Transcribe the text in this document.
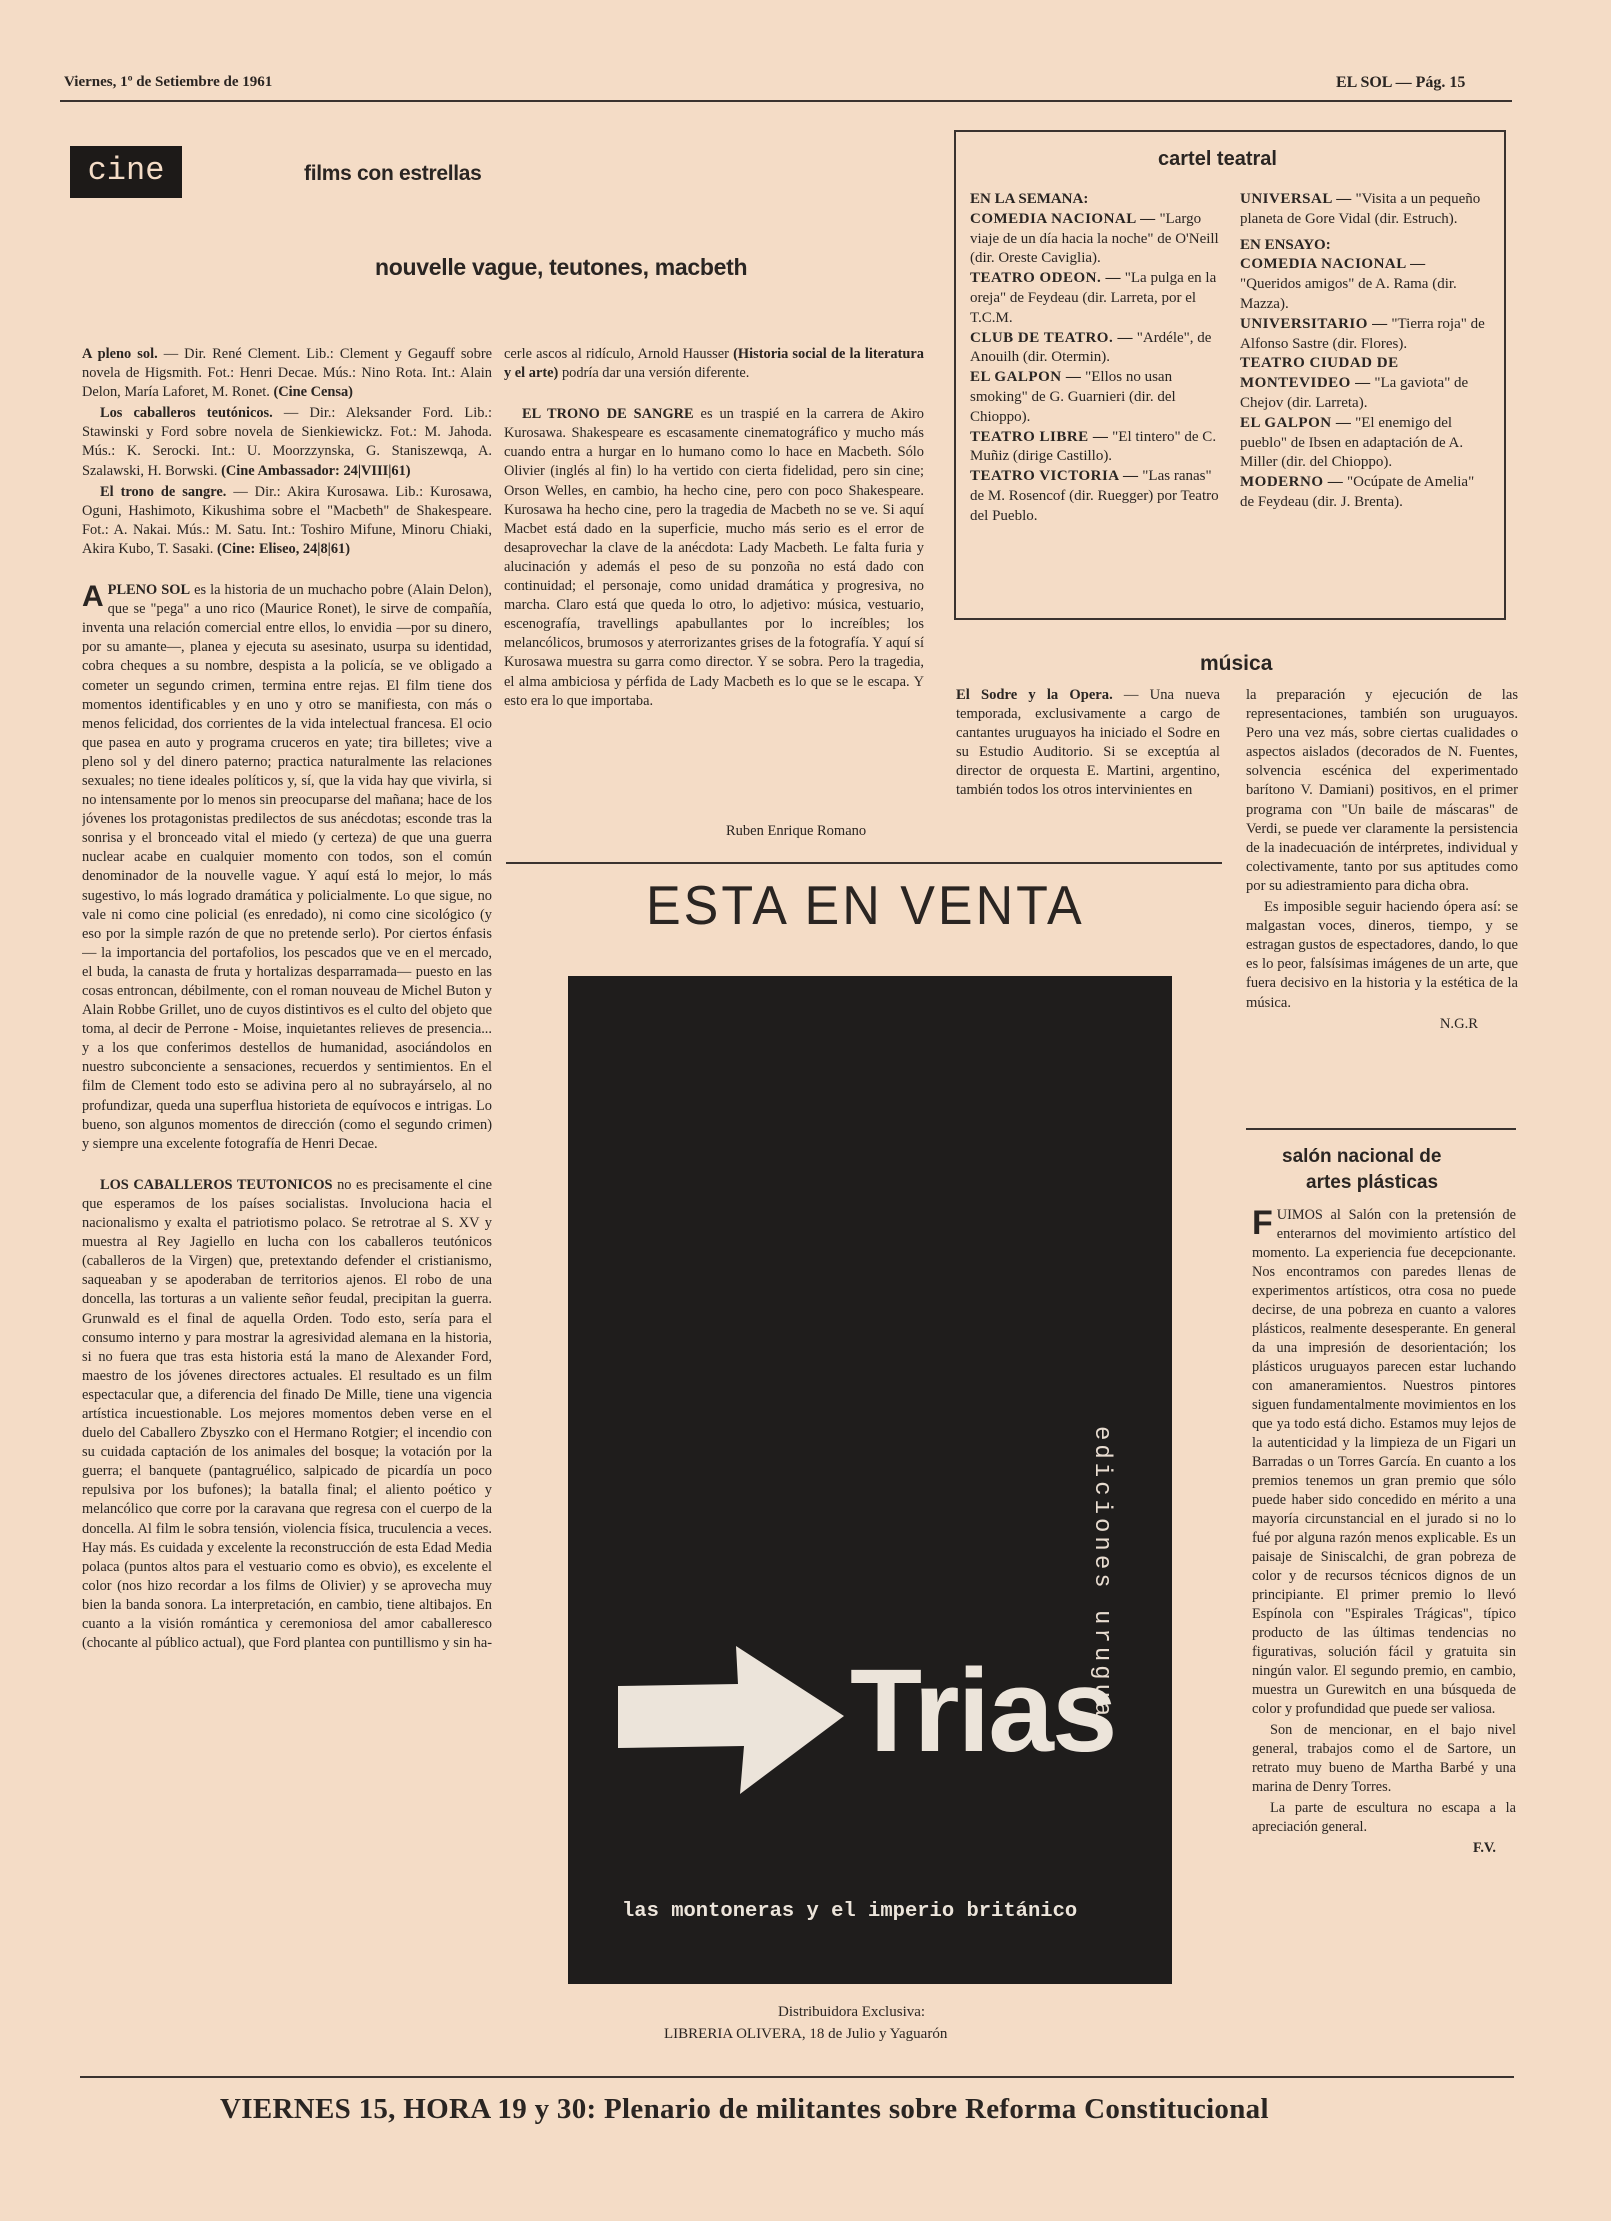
Viernes, 1º de Setiembre de 1961	EL SOL — Pág. 15
cine	films con estrellas
nouvelle vague, teutones, macbeth

A pleno sol. — Dir. René Clement. Lib.: Clement y Gegauff sobre novela de Higsmith. Fot.: Henri Decae. Mús.: Nino Rota. Int.: Alain Delon, María Laforet, M. Ronet. (Cine Censa)

Los caballeros teutónicos. — Dir.: Aleksander Ford. Lib.: Stawinski y Ford sobre novela de Sienkiewickz. Fot.: M. Jahoda. Mús.: K. Serocki. Int.: U. Moorzzynska, G. Staniszewqa, A. Szalawski, H. Borwski. (Cine Ambassador: 24|VIII|61)

El trono de sangre. — Dir.: Akira Kurosawa. Lib.: Kurosawa, Oguni, Hashimoto, Kikushima sobre el "Macbeth" de Shakespeare. Fot.: A. Nakai. Mús.: M. Satu. Int.: Toshiro Mifune, Minoru Chiaki, Akira Kubo, T. Sasaki. (Cine: Eliseo, 24|8|61)

APLENO SOL es la historia de un muchacho pobre (Alain Delon), que se "pega" a uno rico (Maurice Ronet), le sirve de compañía, inventa una relación comercial entre ellos, lo envidia —por su dinero, por su amante—, planea y ejecuta su asesinato, usurpa su identidad, cobra cheques a su nombre, despista a la policía, se ve obligado a cometer un segundo crimen, termina entre rejas. El film tiene dos momentos identificables y en uno y otro se manifiesta, con más o menos felicidad, dos corrientes de la vida intelectual francesa. El ocio que pasea en auto y programa cruceros en yate; tira billetes; vive a pleno sol y del dinero paterno; practica naturalmente las relaciones sexuales; no tiene ideales políticos y, sí, que la vida hay que vivirla, si no intensamente por lo menos sin preocuparse del mañana; hace de los jóvenes los protagonistas predilectos de sus anécdotas; esconde tras la sonrisa y el bronceado vital el miedo (y certeza) de que una guerra nuclear acabe en cualquier momento con todos, son el común denominador de la nouvelle vague. Y aquí está lo mejor, lo más sugestivo, lo más logrado dramática y policialmente. Lo que sigue, no vale ni como cine policial (es enredado), ni como cine sicológico (y eso por la simple razón de que no pretende serlo). Por ciertos énfasis — la importancia del portafolios, los pescados que ve en el mercado, el buda, la canasta de fruta y hortalizas desparramada— puesto en las cosas entroncan, débilmente, con el roman nouveau de Michel Buton y Alain Robbe Grillet, uno de cuyos distintivos es el culto del objeto que toma, al decir de Perrone - Moise, inquietantes relieves de presencia... y a los que conferimos destellos de humanidad, asociándolos en nuestro subconciente a sensaciones, recuerdos y sentimientos. En el film de Clement todo esto se adivina pero al no subrayárselo, al no profundizar, queda una superflua historieta de equívocos e intrigas. Lo bueno, son algunos momentos de dirección (como el segundo crimen) y siempre una excelente fotografía de Henri Decae.

LOS CABALLEROS TEUTONICOS no es precisamente el cine que esperamos de los países socialistas. Involuciona hacia el nacionalismo y exalta el patriotismo polaco. Se retrotrae al S. XV y muestra al Rey Jagiello en lucha con los caballeros teutónicos (caballeros de la Virgen) que, pretextando defender el cristianismo, saqueaban y se apoderaban de territorios ajenos. El robo de una doncella, las torturas a un valiente señor feudal, precipitan la guerra. Grunwald es el final de aquella Orden. Todo esto, sería para el consumo interno y para mostrar la agresividad alemana en la historia, si no fuera que tras esta historia está la mano de Alexander Ford, maestro de los jóvenes directores actuales. El resultado es un film espectacular que, a diferencia del finado De Mille, tiene una vigencia artística incuestionable. Los mejores momentos deben verse en el duelo del Caballero Zbyszko con el Hermano Rotgier; el incendio con su cuidada captación de los animales del bosque; la votación por la guerra; el banquete (pantagruélico, salpicado de picardía un poco repulsiva por los bufones); la batalla final; el aliento poético y melancólico que corre por la caravana que regresa con el cuerpo de la doncella. Al film le sobra tensión, violencia física, truculencia a veces. Hay más. Es cuidada y excelente la reconstrucción de esta Edad Media polaca (puntos altos para el vestuario como es obvio), es excelente el color (nos hizo recordar a los films de Olivier) y se aprovecha muy bien la banda sonora. La interpretación, en cambio, tiene altibajos. En cuanto a la visión romántica y ceremoniosa del amor caballeresco (chocante al público actual), que Ford plantea con puntillismo y sin ha-

cerle ascos al ridículo, Arnold Hausser (Historia social de la literatura y el arte) podría dar una versión diferente.

EL TRONO DE SANGRE es un traspié en la carrera de Akiro Kurosawa. Shakespeare es escasamente cinematográfico y mucho más cuando entra a hurgar en lo humano como lo hace en Macbeth. Sólo Olivier (inglés al fin) lo ha vertido con cierta fidelidad, pero sin cine; Orson Welles, en cambio, ha hecho cine, pero con poco Shakespeare. Kurosawa ha hecho cine, pero la tragedia de Macbeth no se ve. Si aquí Macbet está dado en la superficie, mucho más serio es el error de desaprovechar la clave de la anécdota: Lady Macbeth. Le falta furia y alucinación y además el peso de su ponzoña no está dado con continuidad; el personaje, como unidad dramática y progresiva, no marcha. Claro está que queda lo otro, lo adjetivo: música, vestuario, escenografía, travellings apabullantes por lo increíbles; los melancólicos, brumosos y aterrorizantes grises de la fotografía. Y aquí sí Kurosawa muestra su garra como director. Y se sobra. Pero la tragedia, el alma ambiciosa y pérfida de Lady Macbeth es lo que se le escapa. Y esto era lo que importaba.

Ruben Enrique Romano
cartel teatral
EN LA SEMANA:
COMEDIA NACIONAL — "Largo viaje de un día hacia la noche" de O'Neill (dir. Oreste Caviglia).
TEATRO ODEON. — "La pulga en la oreja" de Feydeau (dir. Larreta, por el T.C.M.
CLUB DE TEATRO. — "Ardéle", de Anouilh (dir. Otermin).
EL GALPON — "Ellos no usan smoking" de G. Guarnieri (dir. del Chioppo).
TEATRO LIBRE — "El tintero" de C. Muñiz (dirige Castillo).
TEATRO VICTORIA — "Las ranas" de M. Rosencof (dir. Ruegger) por Teatro del Pueblo.
UNIVERSAL — "Visita a un pequeño planeta de Gore Vidal (dir. Estruch).
EN ENSAYO:
COMEDIA NACIONAL — "Queridos amigos" de A. Rama (dir. Mazza).
UNIVERSITARIO — "Tierra roja" de Alfonso Sastre (dir. Flores).
TEATRO CIUDAD DE MONTEVIDEO — "La gaviota" de Chejov (dir. Larreta).
EL GALPON — "El enemigo del pueblo" de Ibsen en adaptación de A. Miller (dir. del Chioppo).
MODERNO — "Ocúpate de Amelia" de Feydeau (dir. J. Brenta).
música

El Sodre y la Opera. — Una nueva temporada, exclusivamente a cargo de cantantes uruguayos ha iniciado el Sodre en su Estudio Auditorio. Si se exceptúa al director de orquesta E. Martini, argentino, también todos los otros intervinientes en

la preparación y ejecución de las representaciones, también son uruguayos. Pero una vez más, sobre ciertas cualidades o aspectos aislados (decorados de N. Fuentes, solvencia escénica del experimentado barítono V. Damiani) positivos, en el primer programa con "Un baile de máscaras" de Verdi, se puede ver claramente la persistencia de la inadecuación de intérpretes, individual y colectivamente, tanto por sus aptitudes como por su adiestramiento para dicha obra.

Es imposible seguir haciendo ópera así: se malgastan voces, dineros, tiempo, y se estragan gustos de espectadores, dando, lo que es lo peor, falsísimas imágenes de un arte, que fuera decisivo en la historia y la estética de la música.

N.G.R
ESTA EN VENTA
ediciones uruguay
Trias
las montoneras y el imperio británico
Distribuidora Exclusiva:
LIBRERIA OLIVERA, 18 de Julio y Yaguarón
salón nacional de
artes plásticas

FUIMOS al Salón con la pretensión de enterarnos del movimiento artístico del momento. La experiencia fue decepcionante. Nos encontramos con paredes llenas de experimentos artísticos, otra cosa no puede decirse, de una pobreza en cuanto a valores plásticos, realmente desesperante. En general da una impresión de desorientación; los plásticos uruguayos parecen estar luchando con amaneramientos. Nuestros pintores siguen fundamentalmente movimientos en los que ya todo está dicho. Estamos muy lejos de la autenticidad y la limpieza de un Figari un Barradas o un Torres García. En cuanto a los premios tenemos un gran premio que sólo puede haber sido concedido en mérito a una mayoría circunstancial en el jurado si no lo fué por alguna razón menos explicable. Es un paisaje de Siniscalchi, de gran pobreza de color y de recursos técnicos dignos de un principiante. El primer premio lo llevó Espínola con "Espirales Trágicas", típico producto de las últimas tendencias no figurativas, solución fácil y gratuita sin ningún valor. El segundo premio, en cambio, muestra un Gurewitch en una búsqueda de color y profundidad que puede ser valiosa.

Son de mencionar, en el bajo nivel general, trabajos como el de Sartore, un retrato muy bueno de Martha Barbé y una marina de Denry Torres.

La parte de escultura no escapa a la apreciación general.

F.V.
VIERNES 15, HORA 19 y 30: Plenario de militantes sobre Reforma Constitucional
